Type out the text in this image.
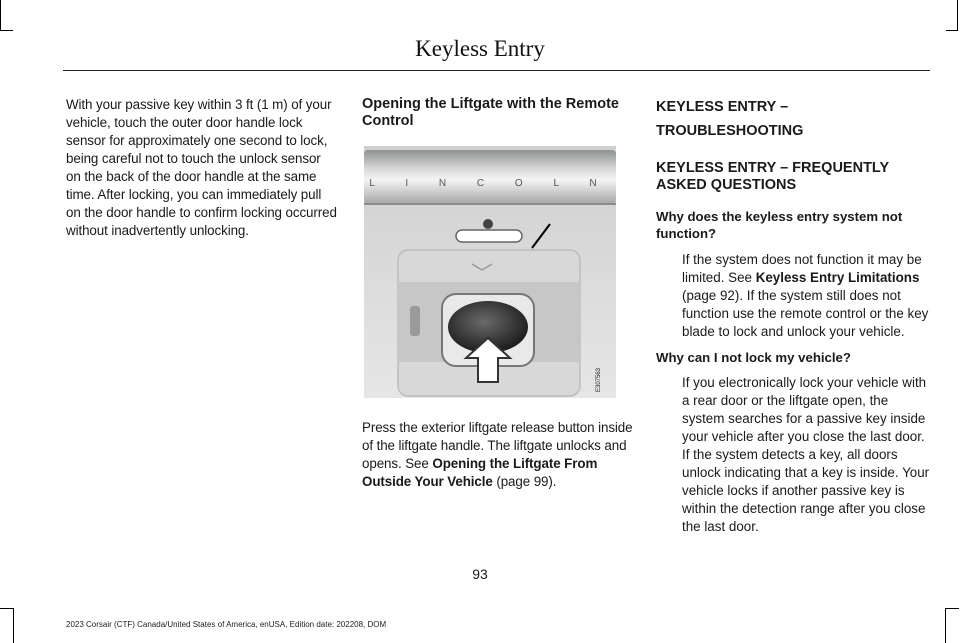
Keyless Entry

With your passive key within 3 ft (1 m) of your vehicle, touch the outer door handle lock sensor for approximately one second to lock, being careful not to touch the unlock sensor on the back of the door handle at the same time. After locking, you can immediately pull on the door handle to confirm locking occurred without inadvertently unlocking.

Opening the Liftgate with the Remote Control

Press the exterior liftgate release button inside of the liftgate handle. The liftgate unlocks and opens. See Opening the Liftgate From Outside Your Vehicle (page 99).

L I N C O L N
E307563

KEYLESS ENTRY –
TROUBLESHOOTING

KEYLESS ENTRY – FREQUENTLY ASKED QUESTIONS

Why does the keyless entry system not function?

If the system does not function it may be limited. See Keyless Entry Limitations (page 92). If the system still does not function use the remote control or the key blade to lock and unlock your vehicle.

Why can I not lock my vehicle?

If you electronically lock your vehicle with a rear door or the liftgate open, the system searches for a passive key inside your vehicle after you close the last door. If the system detects a key, all doors unlock indicating that a key is inside. Your vehicle locks if another passive key is within the detection range after you close the last door.

93
2023 Corsair (CTF) Canada/United States of America, enUSA, Edition date: 202208, DOM
